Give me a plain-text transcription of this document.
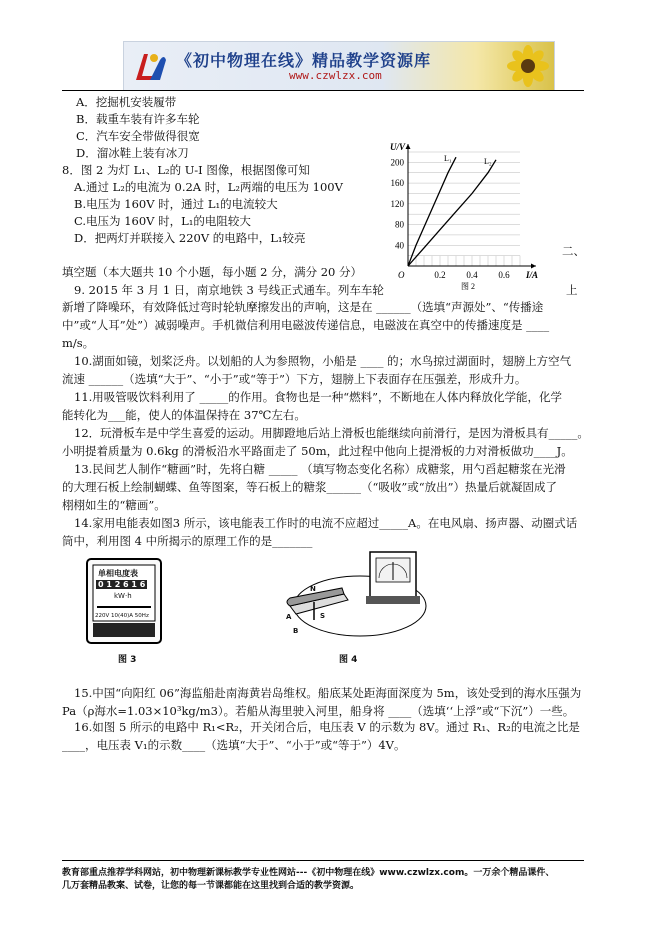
《初中物理在线》精品教学资源库
www.czwlzx.com
A．挖掘机安装履带
B．载重车装有许多车轮
C．汽车安全带做得很宽
D．溜冰鞋上装有冰刀
8．图 2 为灯 L₁、L₂的 U-I 图像，根据图像可知
A.通过 L₂的电流为 0.2A 时，L₂两端的电压为 100V
B.电压为 160V 时，通过 L₁的电流较大
C.电压为 160V 时，L₁的电阻较大
D．把两灯并联接入 220V 的电路中，L₁较亮
二、
填空题（本大题共 10 个小题，每小题 2 分，满分 20 分）
9. 2015 年 3 月 1 日，南京地铁 3 号线正式通车。列车车轮	上
新增了降噪环，有效降低过弯时轮轨摩擦发出的声响，这是在 ______（选填“声源处”、“传播途
中”或“人耳”处”）减弱噪声。手机微信利用电磁波传递信息，电磁波在真空中的传播速度是 ____
m/s。
10.湖面如镜，划桨泛舟。以划船的人为参照物，小船是 ____ 的；水鸟掠过湖面时，翅膀上方空气
流速 ______（选填“大于”、“小于”或“等于”）下方，翅膀上下表面存在压强差，形成升力。
11.用吸管吸饮料利用了 _____的作用。食物也是一种“燃料”，不断地在人体内释放化学能，化学
能转化为___能，使人的体温保持在 37℃左右。
12．玩滑板车是中学生喜爱的运动。用脚蹬地后站上滑板也能继续向前滑行，是因为滑板具有_____。
小明提着质量为 0.6kg 的滑板沿水平路面走了 50m，此过程中他向上提滑板的力对滑板做功____J。
13.民间艺人制作“糖画”时，先将白糖 _____ （填写物态变化名称）成糖浆，用勺舀起糖浆在光滑
的大理石板上绘制蝴蝶、鱼等图案，等石板上的糖浆______（“吸收”或“放出”）热量后就凝固成了
栩栩如生的“糖画”。
14.家用电能表如图3 所示，该电能表工作时的电流不应超过_____A。在电风扇、扬声器、动圈式话
筒中，利用图 4 中所揭示的原理工作的是_______
0.2 0.4 0.6
40
80
120
160
200
O	I/A
U/V
L₁	L₂
图 2
单相电度表
0 1 2 6 1 6
kW·h
220V 10(40)A 50Hz
图 3
N
S
A
B
图 4
15.中国“向阳红 06”海监船赴南海黄岩岛维权。船底某处距海面深度为 5m，该处受到的海水压强为
Pa（ρ海水=1.03×10³kg/m3）。若船从海里驶入河里，船身将 ____（选填‘‘上浮”或“下沉”）一些。
16.如图 5 所示的电路中 R₁<R₂，开关闭合后，电压表 V 的示数为 8V。通过 R₁、R₂的电流之比是
____，电压表 V₁的示数____（选填“大于”、“小于”或“等于”）4V。
教育部重点推荐学科网站，初中物理新课标教学专业性网站---《初中物理在线》www.czwlzx.com。一万余个精品课件、
几万套精品教案、试卷，让您的每一节课都能在这里找到合适的教学资源。
